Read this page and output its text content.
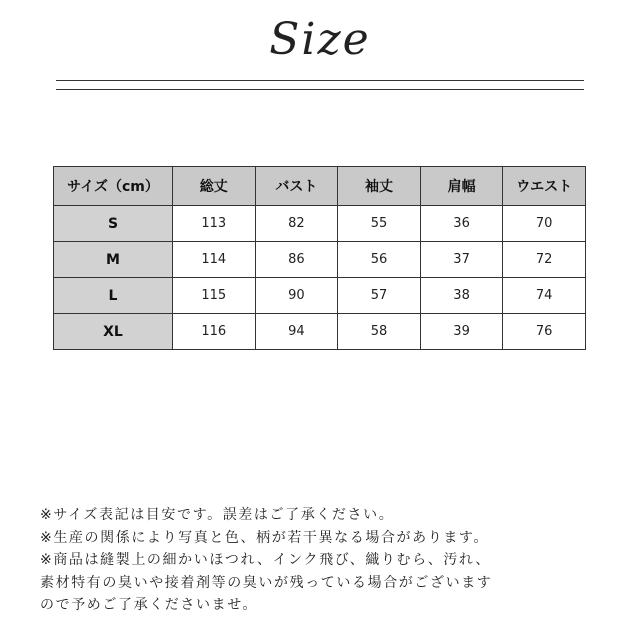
Size
サイズ（cm）	総丈	バスト	袖丈	肩幅	ウエスト
S	113	82	55	36	70
M	114	86	56	37	72
L	115	90	57	38	74
XL	116	94	58	39	76
※サイズ表記は目安です。誤差はご了承ください。
※生産の関係により写真と色、柄が若干異なる場合があります。
※商品は縫製上の細かいほつれ、インク飛び、織りむら、汚れ、
素材特有の臭いや接着剤等の臭いが残っている場合がございます
ので予めご了承くださいませ。
